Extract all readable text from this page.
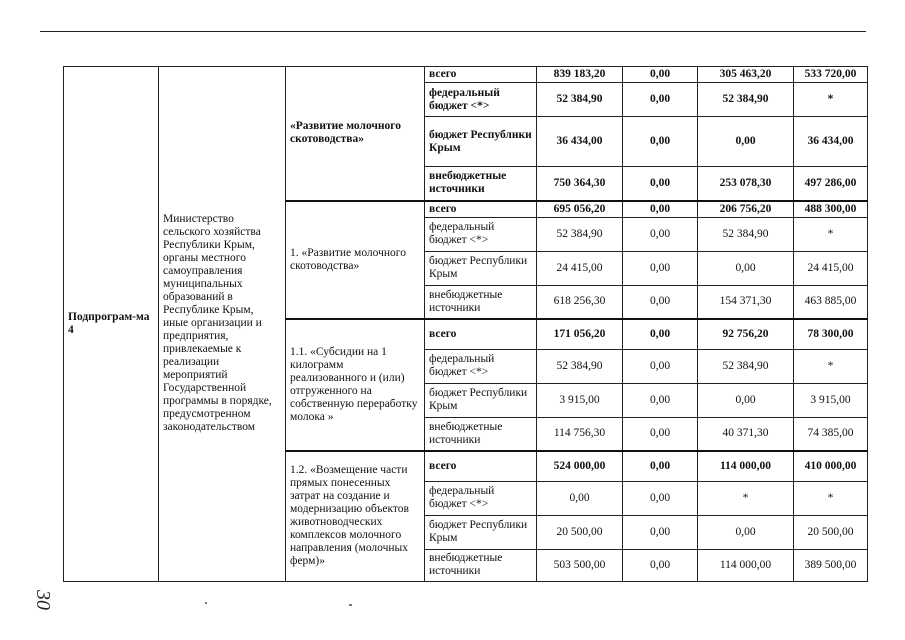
Подпрограм-ма 4	Министерство сельского хозяйства Республики Крым, органы местного самоуправления муниципальных образований в Республике Крым, иные организации и предприятия, привлекаемые к реализации мероприятий Государственной программы в порядке, предусмотренном законодательством	«Развитие молочного скотоводства»	всего	839 183,20	0,00	305 463,20	533 720,00
			федеральный бюджет <*>	52 384,90	0,00	52 384,90	*
			бюджет Республики Крым	36 434,00	0,00	0,00	36 434,00
			внебюджетные источники	750 364,30	0,00	253 078,30	497 286,00
		1. «Развитие молочного скотоводства»	всего	695 056,20	0,00	206 756,20	488 300,00
			федеральный бюджет <*>	52 384,90	0,00	52 384,90	*
			бюджет Республики Крым	24 415,00	0,00	0,00	24 415,00
			внебюджетные источники	618 256,30	0,00	154 371,30	463 885,00
		1.1. «Субсидии на 1 килограмм реализованного и (или) отгруженного на собственную переработку молока »	всего	171 056,20	0,00	92 756,20	78 300,00
			федеральный бюджет <*>	52 384,90	0,00	52 384,90	*
			бюджет Республики Крым	3 915,00	0,00	0,00	3 915,00
			внебюджетные источники	114 756,30	0,00	40 371,30	74 385,00
		1.2. «Возмещение части прямых понесенных затрат на создание и модернизацию объектов животноводческих комплексов молочного направления (молочных ферм)»	всего	524 000,00	0,00	114 000,00	410 000,00
			федеральный бюджет <*>	0,00	0,00	*	*
			бюджет Республики Крым	20 500,00	0,00	0,00	20 500,00
			внебюджетные источники	503 500,00	0,00	114 000,00	389 500,00
30
